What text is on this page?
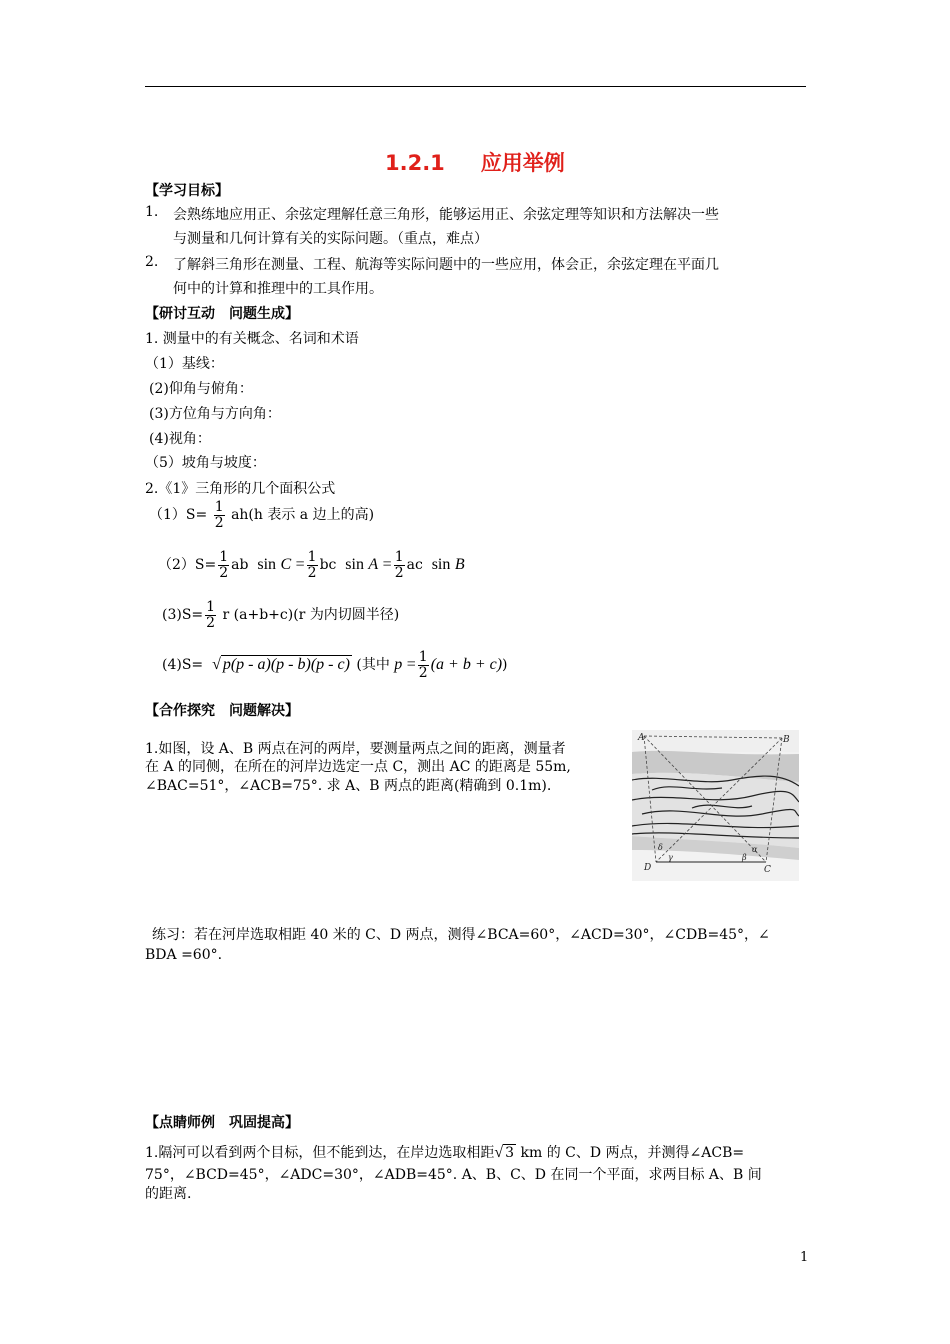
1.2.1 应用举例
【学习目标】
1. 会熟练地应用正、余弦定理解任意三角形，能够运用正、余弦定理等知识和方法解决一些
与测量和几何计算有关的实际问题。（重点，难点）
2. 了解斜三角形在测量、工程、航海等实际问题中的一些应用，体会正，余弦定理在平面几
何中的计算和推理中的工具作用。
【研讨互动　问题生成】
1. 测量中的有关概念、名词和术语
（1）基线：
(2)仰角与俯角：
(3)方位角与方向角：
(4)视角：
（5）坡角与坡度：
2.《1》三角形的几个面积公式
$(1)S= \frac{1}{2} ah(h$ 表示 a 边上的高)
$(2)S= \frac{1}{2}$ ab $\sin C = \frac{1}{2}$ bc $\sin A = \frac{1}{2}$ ac sin B
$(3)S= \frac{1}{2}$ r (a+b+c)(r 为内切圆半径)
(4)S= √ p(p - a)(p - b)(p - c) (其中 $p = \frac{1}{2} (a + b + c)$)
【合作探究　问题解决】
1.如图，设 A、B 两点在河的两岸，要测量两点之间的距离，测量者
在 A 的同侧，在所在的河岸边选定一点 C，测出 AC 的距离是 55m,
∠BAC=51°，∠ACB=75°. 求 A、B 两点的距离(精确到 0.1m).
A	B
D	C
δ
γ	β
α
练习：若在河岸选取相距 40 米的 C、D 两点，测得∠BCA=60°，∠ACD=30°，∠CDB=45°，∠
BDA =60°.
【点睛师例　巩固提高】
1.隔河可以看到两个目标，但不能到达，在岸边选取相距√ 3 km 的 C、D 两点，并测得∠ACB=
75°，∠BCD=45°，∠ADC=30°，∠ADB=45°. A、B、C、D 在同一个平面，求两目标 A、B 间
的距离.
1
